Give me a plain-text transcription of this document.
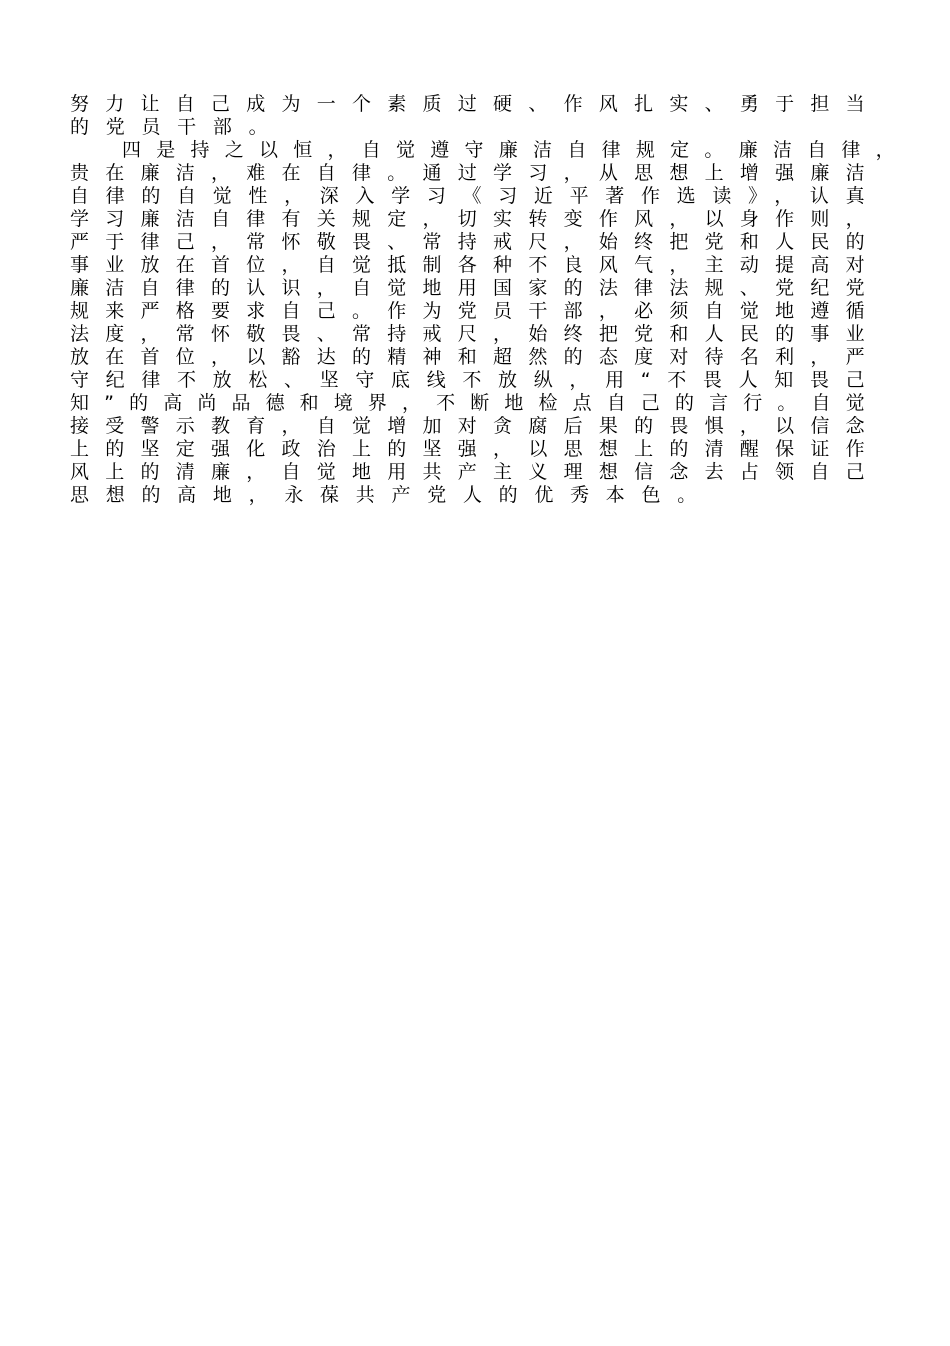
努力让自己成为一个素质过硬、作风扎实、勇于担当
的党员干部。
四是持之以恒，自觉遵守廉洁自律规定。廉洁自律，
贵在廉洁，难在自律。通过学习，从思想上增强廉洁
自律的自觉性，深入学习《习近平著作选读》，认真
学习廉洁自律有关规定，切实转变作风，以身作则，
严于律己，常怀敬畏、常持戒尺，始终把党和人民的
事业放在首位，自觉抵制各种不良风气，主动提高对
廉洁自律的认识，自觉地用国家的法律法规、党纪党
规来严格要求自己。作为党员干部，必须自觉地遵循
法度，常怀敬畏、常持戒尺，始终把党和人民的事业
放在首位，以豁达的精神和超然的态度对待名利，严
守纪律不放松、坚守底线不放纵，用“不畏人知畏己
知”的高尚品德和境界，不断地检点自己的言行。自觉
接受警示教育，自觉增加对贪腐后果的畏惧，以信念
上的坚定强化政治上的坚强，以思想上的清醒保证作
风上的清廉，自觉地用共产主义理想信念去占领自己
思想的高地，永葆共产党人的优秀本色。
